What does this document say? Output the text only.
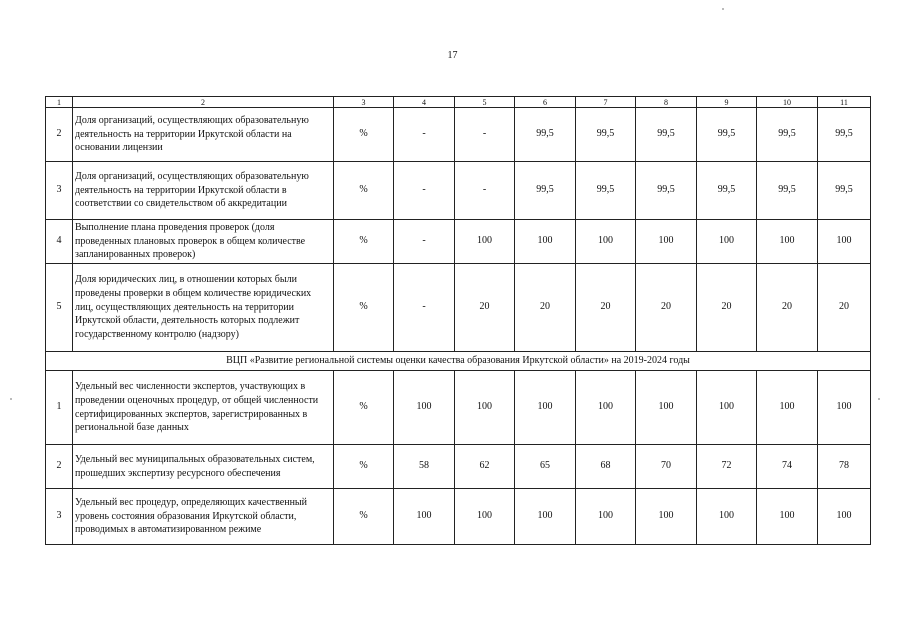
17
1	2	3	4	5	6	7	8	9	10	11
2	Доля организаций, осуществляющих образовательную деятельность на территории Иркутской области на основании лицензии	%	-	-	99,5	99,5	99,5	99,5	99,5	99,5
3	Доля организаций, осуществляющих образовательную деятельность на территории Иркутской области в соответствии со свидетельством об аккредитации	%	-	-	99,5	99,5	99,5	99,5	99,5	99,5
4	Выполнение плана проведения проверок (доля проведенных плановых проверок в общем количестве запланированных проверок)	%	-	100	100	100	100	100	100	100
5	Доля юридических лиц, в отношении которых были проведены проверки в общем количестве юридических лиц, осуществляющих деятельность на территории Иркутской области, деятельность которых подлежит государственному контролю (надзору)	%	-	20	20	20	20	20	20	20
ВЦП «Развитие региональной системы оценки качества образования Иркутской области» на 2019-2024 годы										
1	Удельный вес численности экспертов, участвующих в проведении оценочных процедур, от общей численности сертифицированных экспертов, зарегистрированных в региональной базе данных	%	100	100	100	100	100	100	100	100
2	Удельный вес муниципальных образовательных систем, прошедших экспертизу ресурсного обеспечения	%	58	62	65	68	70	72	74	78
3	Удельный вес процедур, определяющих качественный уровень состояния образования Иркутской области, проводимых в автоматизированном режиме	%	100	100	100	100	100	100	100	100
